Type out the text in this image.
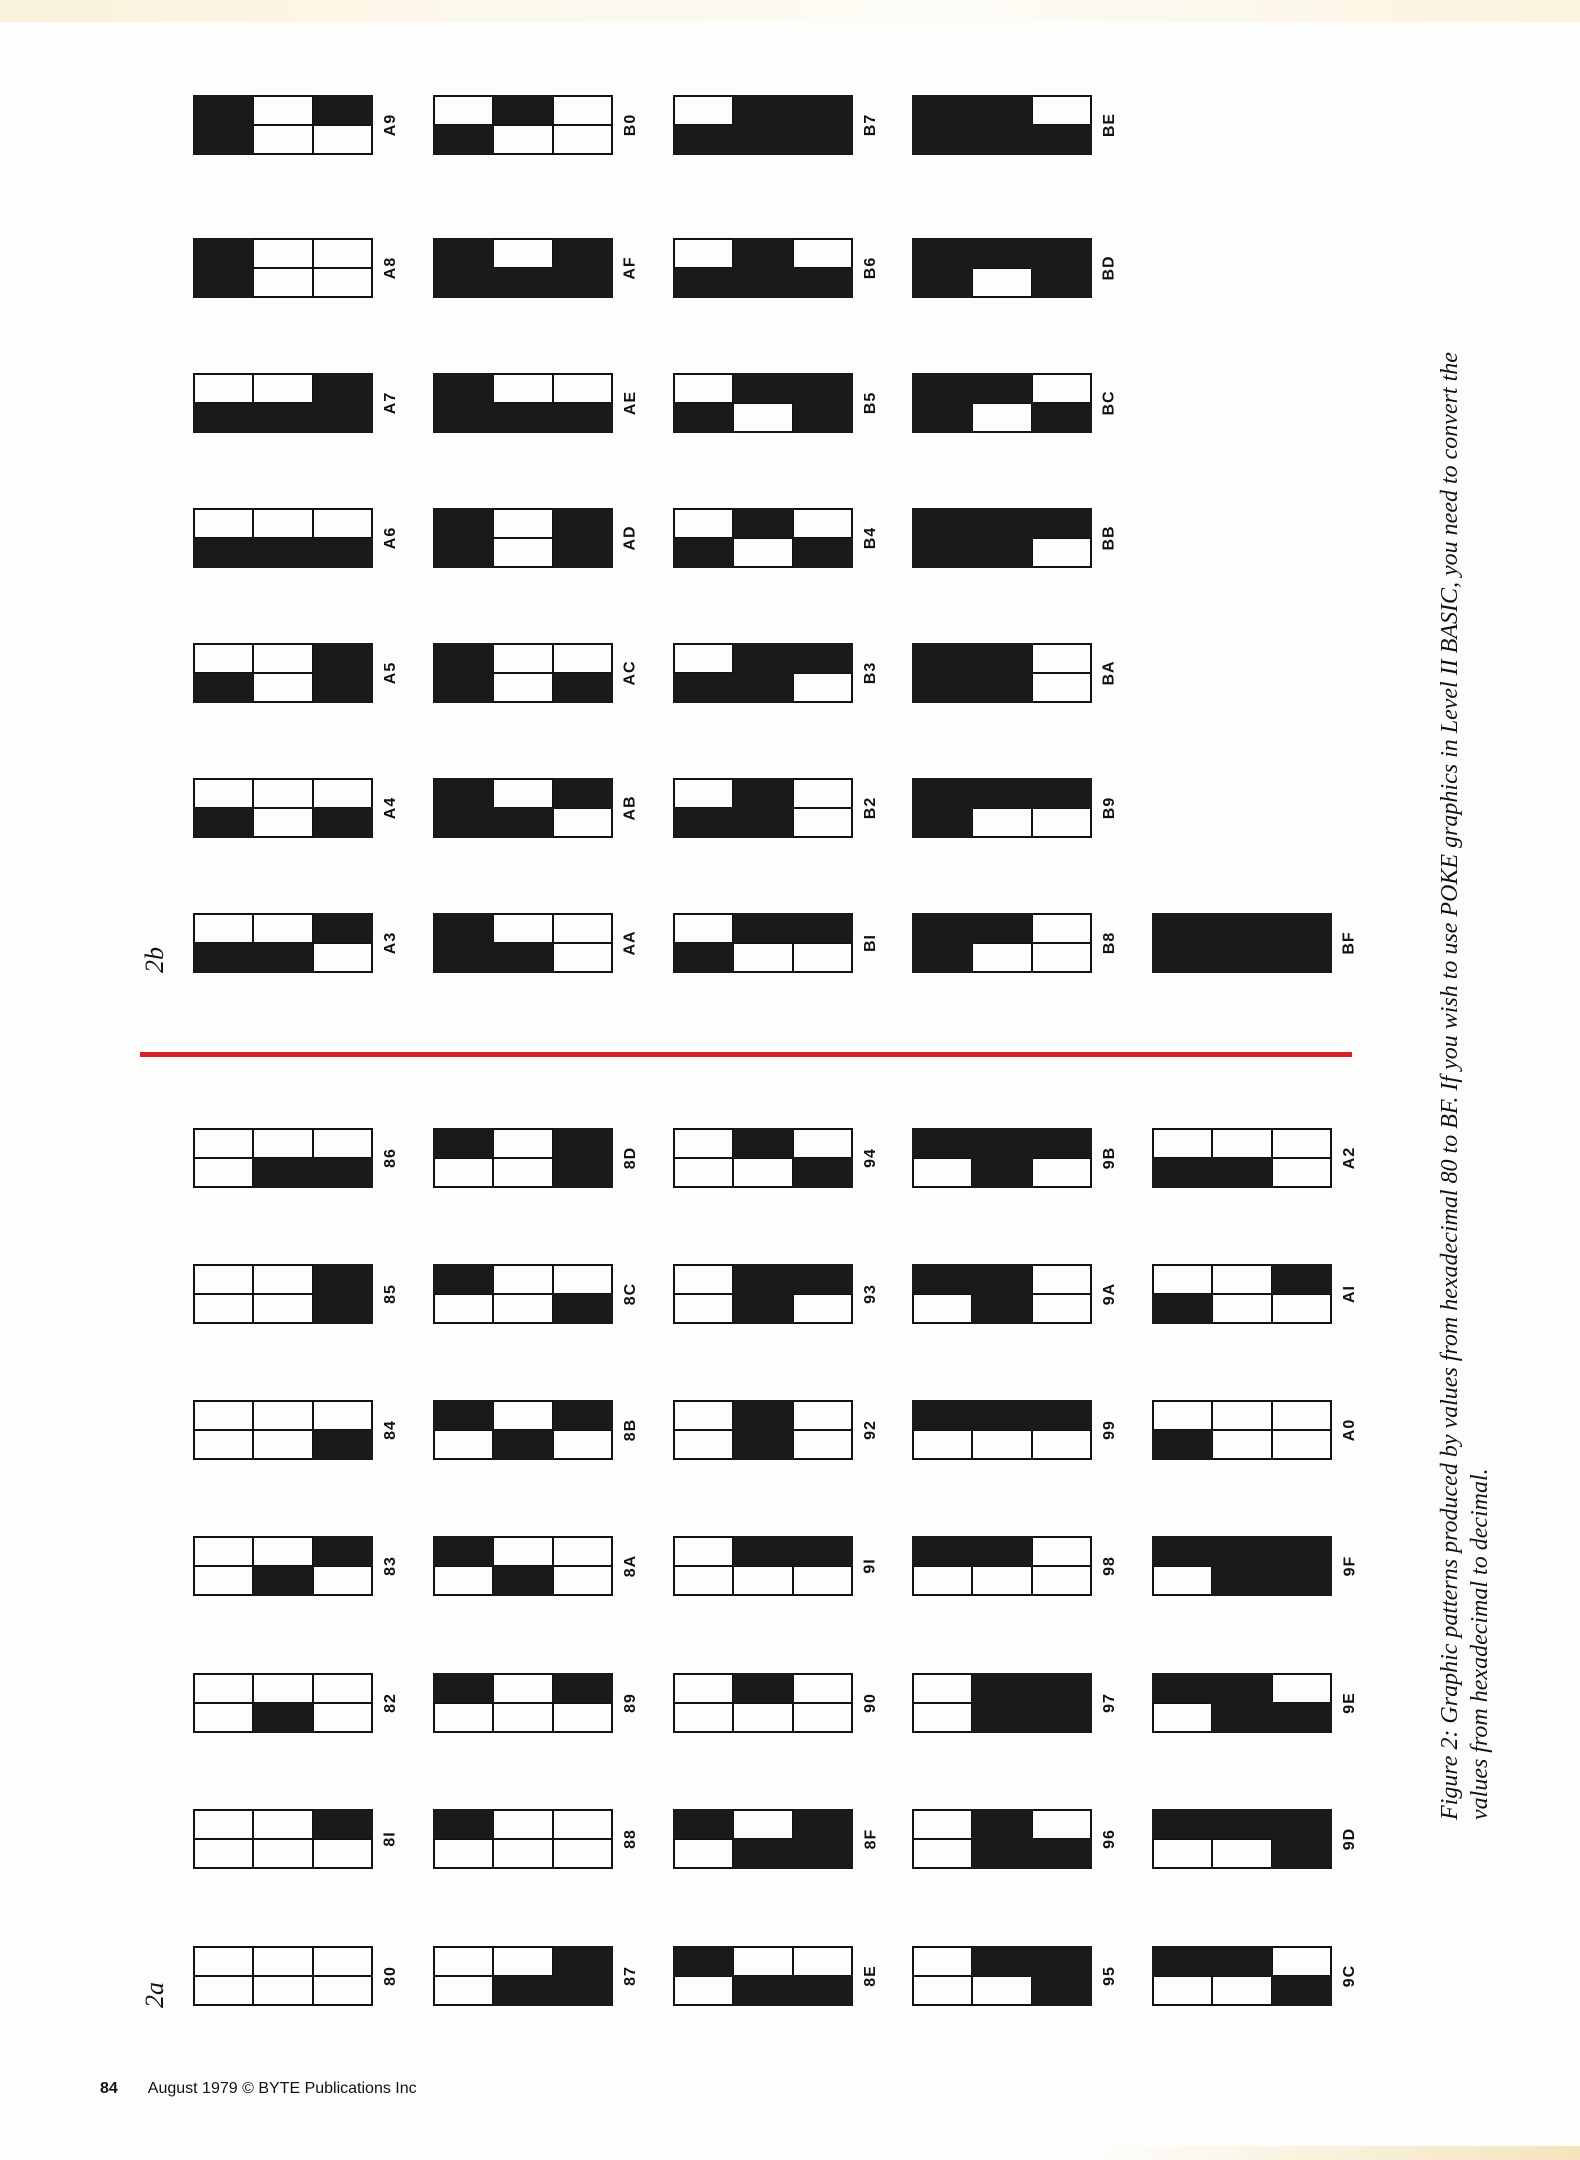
2a
2b
80
8I
82
83
84
85
86
87
88
89
8A
8B
8C
8D
8E
8F
90
9I
92
93
94
95
96
97
98
99
9A
9B
9C
9D
9E
9F
A0
AI
A2
A3
A4
A5
A6
A7
A8
A9
AA
AB
AC
AD
AE
AF
B0
BI
B2
B3
B4
B5
B6
B7
B8
B9
BA
BB
BC
BD
BE
BF	Figure 2: Graphic patterns produced by values from hexadecimal 80 to BF. If you wish to use POKE graphics in Level II BASIC, you need to convert the values from hexadecimal to decimal.
84 August 1979 © BYTE Publications Inc
